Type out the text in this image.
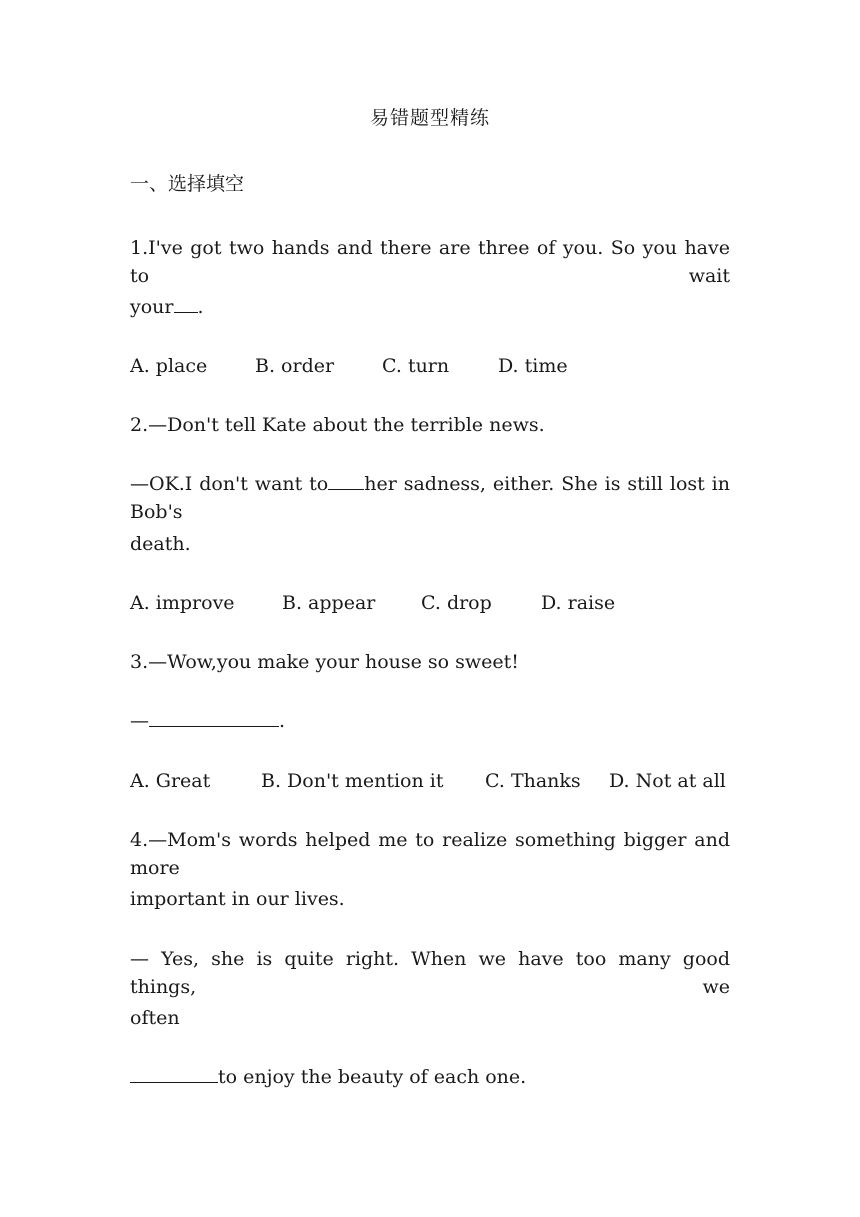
易错题型精练
一、选择填空
1.I've got two hands and there are three of you. So you have to wait
your .
A. place	B. order	C. turn	D. time
2.—Don't tell Kate about the terrible news.
—OK.I don't want to her sadness, either. She is still lost in Bob's
death.
A. improve B. appear C. drop	D. raise
3.—Wow,you make your house so sweet!
—	.
A. Great	B. Don't mention it C. Thanks D. Not at all
4.—Mom's words helped me to realize something bigger and more
important in our lives.
— Yes, she is quite right. When we have too many good things, we
often
to enjoy the beauty of each one.
